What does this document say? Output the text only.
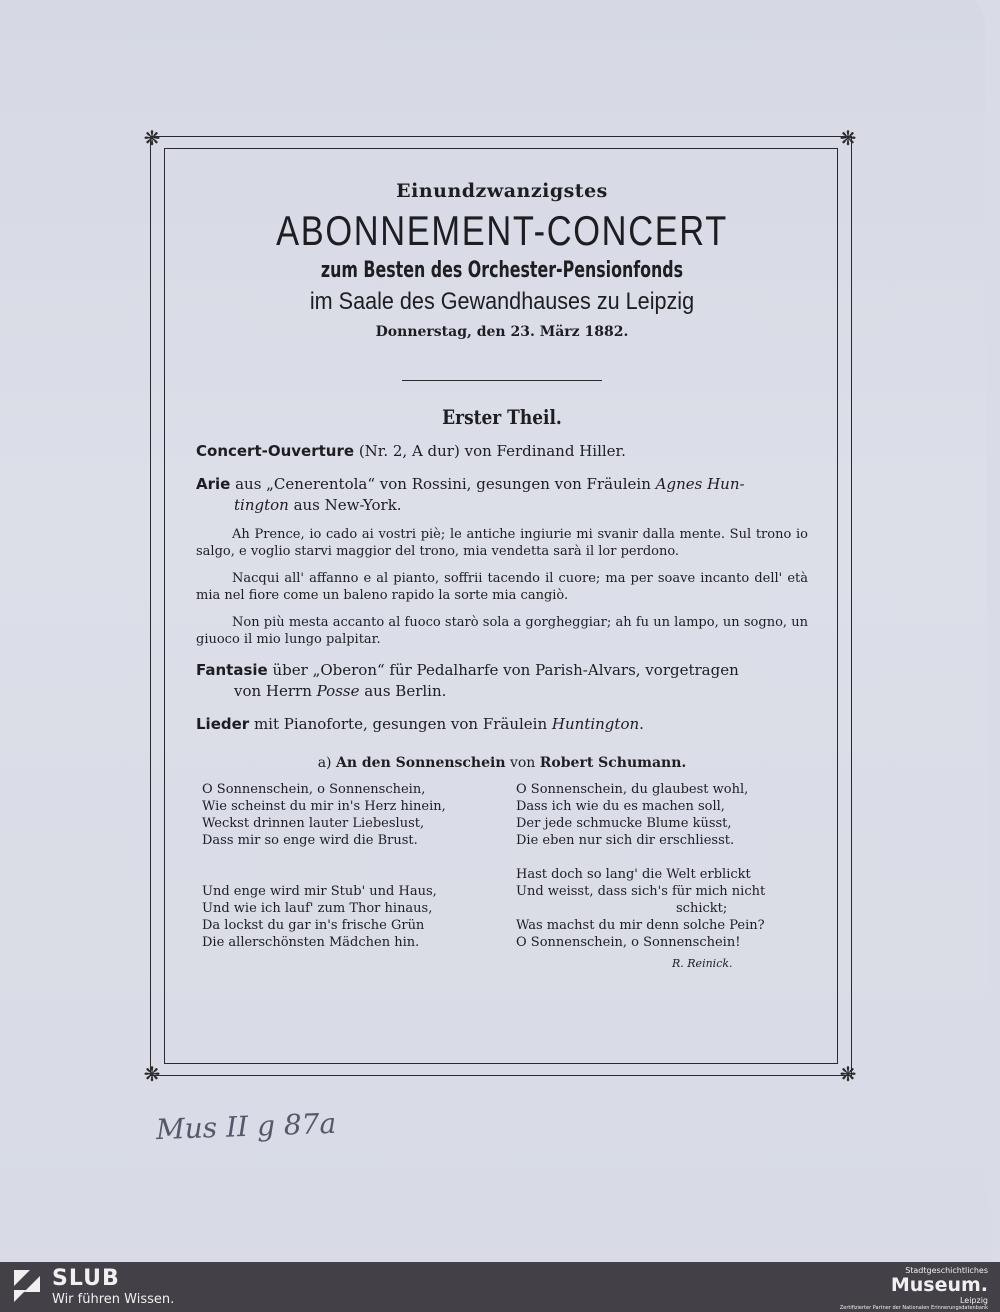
❋	❋
❋	❋
Einundzwanzigstes
ABONNEMENT-CONCERT
zum Besten des Orchester-Pensionfonds
im Saale des Gewandhauses zu Leipzig
Donnerstag, den 23. März 1882.
Erster Theil.
Concert-Ouverture (Nr. 2, A dur) von Ferdinand Hiller.
Arie aus „Cenerentola“ von Rossini, gesungen von Fräulein Agnes Hun-
tington aus New-York.
Ah Prence, io cado ai vostri piè; le antiche ingiurie mi svanir dalla mente. Sul trono io salgo, e voglio starvi maggior del trono, mia vendetta sarà il lor perdono.
Nacqui all' affanno e al pianto, soffrii tacendo il cuore; ma per soave incanto dell' età mia nel fiore come un baleno rapido la sorte mia cangiò.
Non più mesta accanto al fuoco starò sola a gorgheggiar; ah fu un lampo, un sogno, un giuoco il mio lungo palpitar.
Fantasie über „Oberon“ für Pedalharfe von Parish-Alvars, vorgetragen
von Herrn Posse aus Berlin.
Lieder mit Pianoforte, gesungen von Fräulein Huntington.
a) An den Sonnenschein von Robert Schumann.
O Sonnenschein, o Sonnenschein,
Wie scheinst du mir in's Herz hinein,
Weckst drinnen lauter Liebeslust,
Dass mir so enge wird die Brust.
Und enge wird mir Stub' und Haus,
Und wie ich lauf' zum Thor hinaus,
Da lockst du gar in's frische Grün
Die allerschönsten Mädchen hin.
O Sonnenschein, du glaubest wohl,
Dass ich wie du es machen soll,
Der jede schmucke Blume küsst,
Die eben nur sich dir erschliesst.
Hast doch so lang' die Welt erblickt
Und weisst, dass sich's für mich nicht
schickt;
Was machst du mir denn solche Pein?
O Sonnenschein, o Sonnenschein!
R. Reinick.
Mus II g 87a
SLUB
Wir führen Wissen.
Stadtgeschichtliches
Museum.
Leipzig
Zertifizierter Partner der Nationalen Erinnerungsdatenbank
